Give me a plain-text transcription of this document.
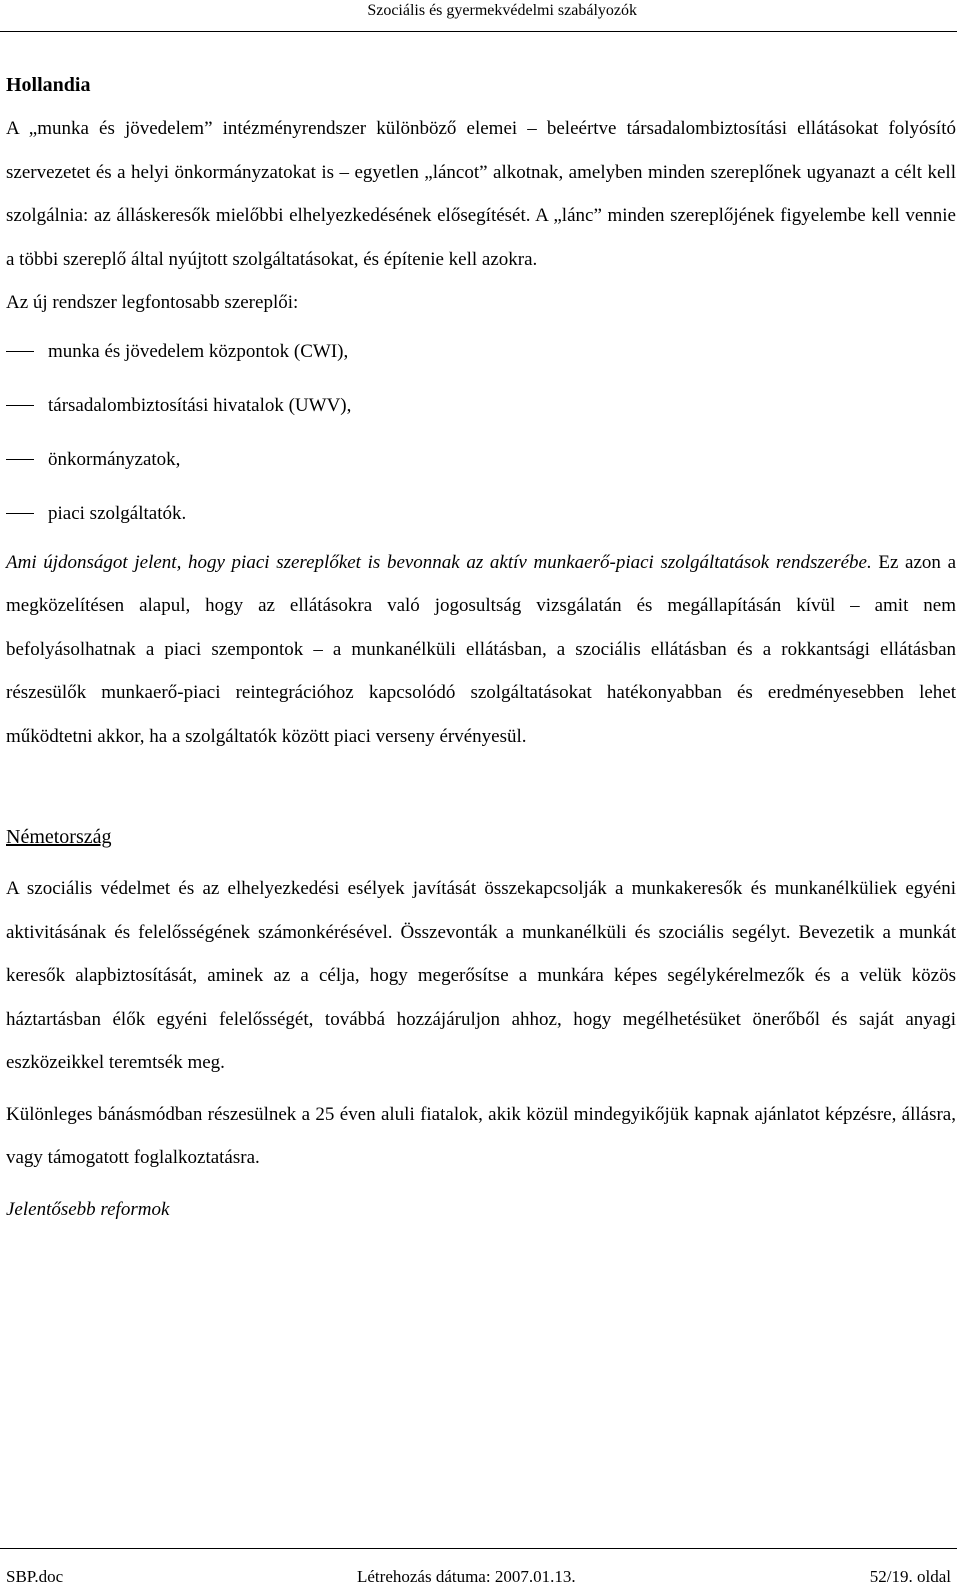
Szociális és gyermekvédelmi szabályozók
Hollandia

A „munka és jövedelem” intézményrendszer különböző elemei – beleértve társadalombiztosítási ellátásokat folyósító szervezetet és a helyi önkormányzatokat is – egyetlen „láncot” alkotnak, amelyben minden szereplőnek ugyanazt a célt kell szolgálnia: az álláskeresők mielőbbi elhelyezkedésének elősegítését. A „lánc” minden szereplőjének figyelembe kell vennie a többi szereplő által nyújtott szolgáltatásokat, és építenie kell azokra.

Az új rendszer legfontosabb szereplői:

munka és jövedelem központok (CWI),
társadalombiztosítási hivatalok (UWV),
önkormányzatok,
piaci szolgáltatók.

Ami újdonságot jelent, hogy piaci szereplőket is bevonnak az aktív munkaerő-piaci szolgáltatások rendszerébe. Ez azon a megközelítésen alapul, hogy az ellátásokra való jogosultság vizsgálatán és megállapításán kívül – amit nem befolyásolhatnak a piaci szempontok – a munkanélküli ellátásban, a szociális ellátásban és a rokkantsági ellátásban részesülők munkaerő-piaci reintegrációhoz kapcsolódó szolgáltatásokat hatékonyabban és eredményesebben lehet működtetni akkor, ha a szolgáltatók között piaci verseny érvényesül.

Németország

A szociális védelmet és az elhelyezkedési esélyek javítását összekapcsolják a munkakeresők és munkanélküliek egyéni aktivitásának és felelősségének számonkérésével. Összevonták a munkanélküli és szociális segélyt. Bevezetik a munkát keresők alapbiztosítását, aminek az a célja, hogy megerősítse a munkára képes segélykérelmezők és a velük közös háztartásban élők egyéni felelősségét, továbbá hozzájáruljon ahhoz, hogy megélhetésüket önerőből és saját anyagi eszközeikkel teremtsék meg.

Különleges bánásmódban részesülnek a 25 éven aluli fiatalok, akik közül mindegyikőjük kapnak ajánlatot képzésre, állásra, vagy támogatott foglalkoztatásra.

Jelentősebb reformok

SBP.doc	Létrehozás dátuma: 2007.01.13.	52/19. oldal
